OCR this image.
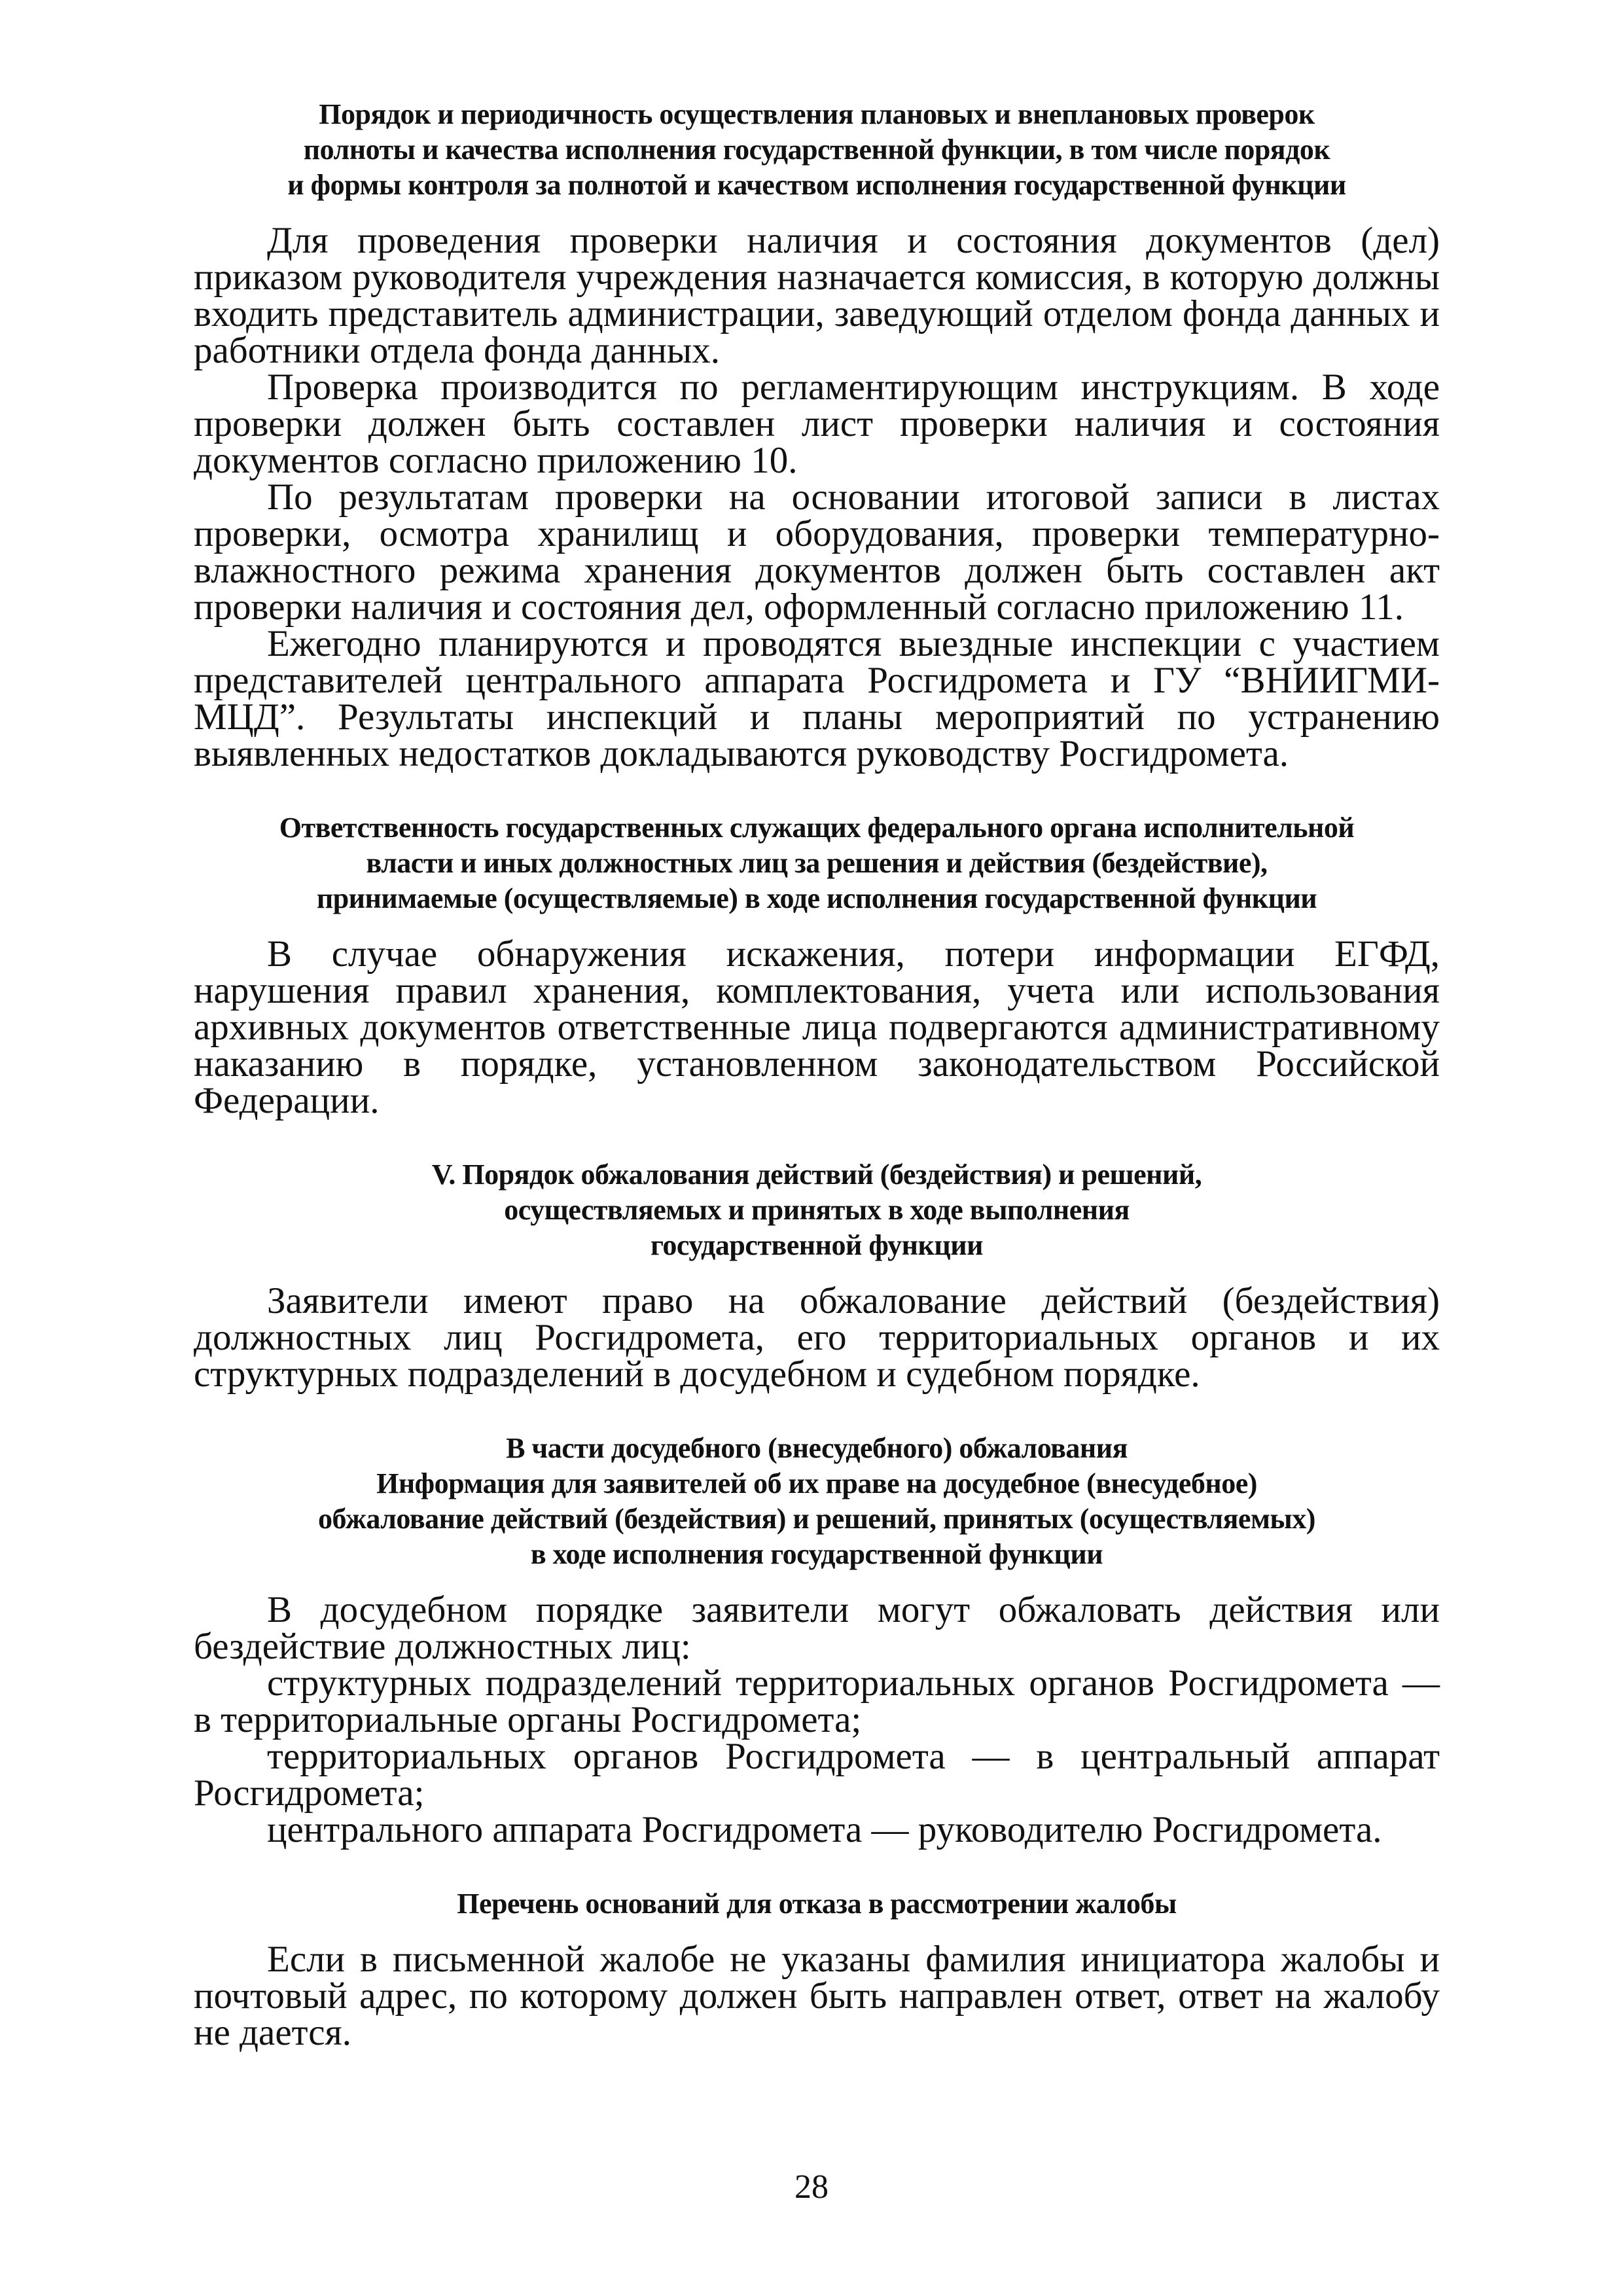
Порядок и периодичность осуществления плановых и внеплановых проверок
полноты и качества исполнения государственной функции, в том числе порядок
и формы контроля за полнотой и качеством исполнения государственной функции

Для проведения проверки наличия и состояния документов (дел) приказом руководителя учреждения назначается комиссия, в которую должны входить представитель администрации, заведующий отделом фонда данных и работники отдела фонда данных.

Проверка производится по регламентирующим инструкциям. В ходе проверки должен быть составлен лист проверки наличия и состояния документов согласно приложению 10.

По результатам проверки на основании итоговой записи в листах проверки, осмотра хранилищ и оборудования, проверки температурно-влажностного режима хранения документов должен быть составлен акт проверки наличия и состояния дел, оформленный согласно приложению 11.

Ежегодно планируются и проводятся выездные инспекции с участием представителей центрального аппарата Росгидромета и ГУ “ВНИИГМИ-МЦД”. Результаты инспекций и планы мероприятий по устранению выявленных недостатков докладываются руководству Росгидромета.

Ответственность государственных служащих федерального органа исполнительной
власти и иных должностных лиц за решения и действия (бездействие),
принимаемые (осуществляемые) в ходе исполнения государственной функции

В случае обнаружения искажения, потери информации ЕГФД, нарушения правил хранения, комплектования, учета или использования архивных документов ответственные лица подвергаются административному наказанию в порядке, установленном законодательством Российской Федерации.

V. Порядок обжалования действий (бездействия) и решений,
осуществляемых и принятых в ходе выполнения
государственной функции

Заявители имеют право на обжалование действий (бездействия) должностных лиц Росгидромета, его территориальных органов и их структурных подразделений в досудебном и судебном порядке.

В части досудебного (внесудебного) обжалования
Информация для заявителей об их праве на досудебное (внесудебное)
обжалование действий (бездействия) и решений, принятых (осуществляемых)
в ходе исполнения государственной функции

В досудебном порядке заявители могут обжаловать действия или бездействие должностных лиц:

структурных подразделений территориальных органов Росгидромета — в территориальные органы Росгидромета;

территориальных органов Росгидромета — в центральный аппарат Росгидромета;

центрального аппарата Росгидромета — руководителю Росгидромета.

Перечень оснований для отказа в рассмотрении жалобы

Если в письменной жалобе не указаны фамилия инициатора жалобы и почтовый адрес, по которому должен быть направлен ответ, ответ на жалобу не дается.

28
